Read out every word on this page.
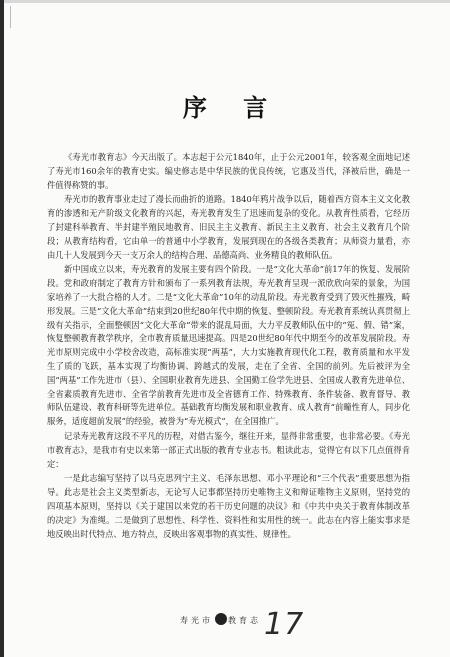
序 言

《寿光市教育志》今天出版了。本志起于公元1840年，止于公元2001年，较客观全面地记述了寿光市160余年的教育史实。编史修志是中华民族的优良传统，它惠及当代，泽被后世，确是一件值得称赞的事。

寿光市的教育事业走过了漫长而曲折的道路。1840年鸦片战争以后，随着西方资本主义文化教育的渗透和无产阶级文化教育的兴起，寿光教育发生了迅速而复杂的变化。从教育性质看，它经历了封建科举教育、半封建半殖民地教育、旧民主主义教育、新民主主义教育、社会主义教育几个阶段；从教育结构看，它由单一的普通中小学教育，发展到现在的各级各类教育；从师资力量看，亦由几十人发展到今天一支万余人的结构合理、品德高尚、业务精良的教师队伍。

新中国成立以来，寿光教育的发展主要有四个阶段。一是“文化大革命”前17年的恢复、发展阶段。党和政府制定了教育方针和颁布了一系列教育法规，寿光教育呈现一派欣欣向荣的景象，为国家培养了一大批合格的人才。二是“文化大革命”10年的动乱阶段。寿光教育受到了毁灭性摧残，畸形发展。三是“文化大革命”结束到20世纪80年代中期的恢复、整顿阶段。寿光教育系统认真贯彻上级有关指示，全面整顿因“文化大革命”带来的混乱局面，大力平反教师队伍中的“冤、假、错”案，恢复整顿教育教学秩序，全市教育质量迅速提高。四是20世纪80年代中期至今的改革发展阶段。寿光市原则完成中小学校舍改造，高标准实现“两基”，大力实施教育现代化工程，教育质量和水平发生了质的飞跃，基本实现了均衡协调、跨越式的发展，走在了全省、全国的前列。先后被评为全国“两基”工作先进市（县）、全国职业教育先进县、全国勤工俭学先进县、全国成人教育先进单位、全省素质教育先进市、全省学前教育先进市及全省德育工作、特殊教育、条件装备、教育督导、教师队伍建设、教育科研等先进单位。基础教育均衡发展和职业教育、成人教育“前疃性育人，同步化服务，适度超前发展”的经验，被誉为“寿光模式”，在全国推广。

记录寿光教育这段不平凡的历程，对借古鉴今，继往开来，显得非常重要，也非常必要。《寿光市教育志》，是我市有史以来第一部正式出版的教育专业志书。粗读此志，觉得它有以下几点值得肯定：

一是此志编写坚持了以马克思列宁主义、毛泽东思想、邓小平理论和“三个代表”重要思想为指导。此志是社会主义类型新志，无论写人记事都坚持历史唯物主义和辩证唯物主义原则，坚持党的四项基本原则，坚持以《关于建国以来党的若干历史问题的决议》和《中共中央关于教育体制改革的决定》为准绳。二是做到了思想性、科学性、资料性和实用性的统一。此志在内容上能实事求是地反映出时代特点、地方特点，反映出客观事物的真实性、规律性。

寿光市 教育志 17
